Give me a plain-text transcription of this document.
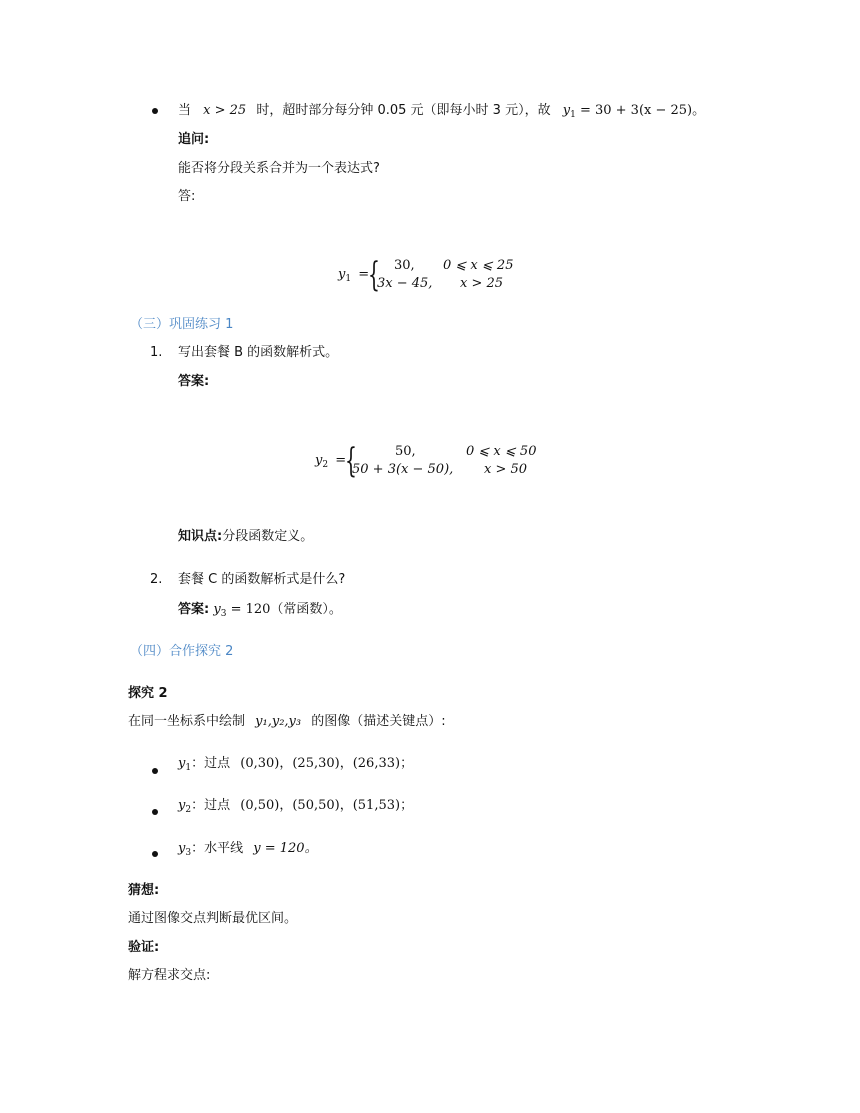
当 x > 25 时，超时部分每分钟 0.05 元（即每小时 3 元），故 $y_1 = 30 + 3(x - 25)$。
追问:
能否将分段关系合并为一个表达式?
答:
$y_1$ =
{ 30, 0 ⩽ x ⩽ 25
3x − 45, x > 25
（三）巩固练习 1
1. 写出套餐 B 的函数解析式。
答案:
$y_2$ =
{	50,	0 ⩽ x ⩽ 50
50 + 3(x − 50), x > 50
知识点:分段函数定义。
2. 套餐 C 的函数解析式是什么?
答案: $y_3 = 120$（常函数）。
（四）合作探究 2
探究 2
在同一坐标系中绘制 y₁,y₂,y₃ 的图像（描述关键点）:
$y_1$：过点 (0,30)，(25,30)，(26,33)；
$y_2$：过点 (0,50)，(50,50)，(51,53)；
$y_3$：水平线 y = 120。
猜想:
通过图像交点判断最优区间。
验证:
解方程求交点:
